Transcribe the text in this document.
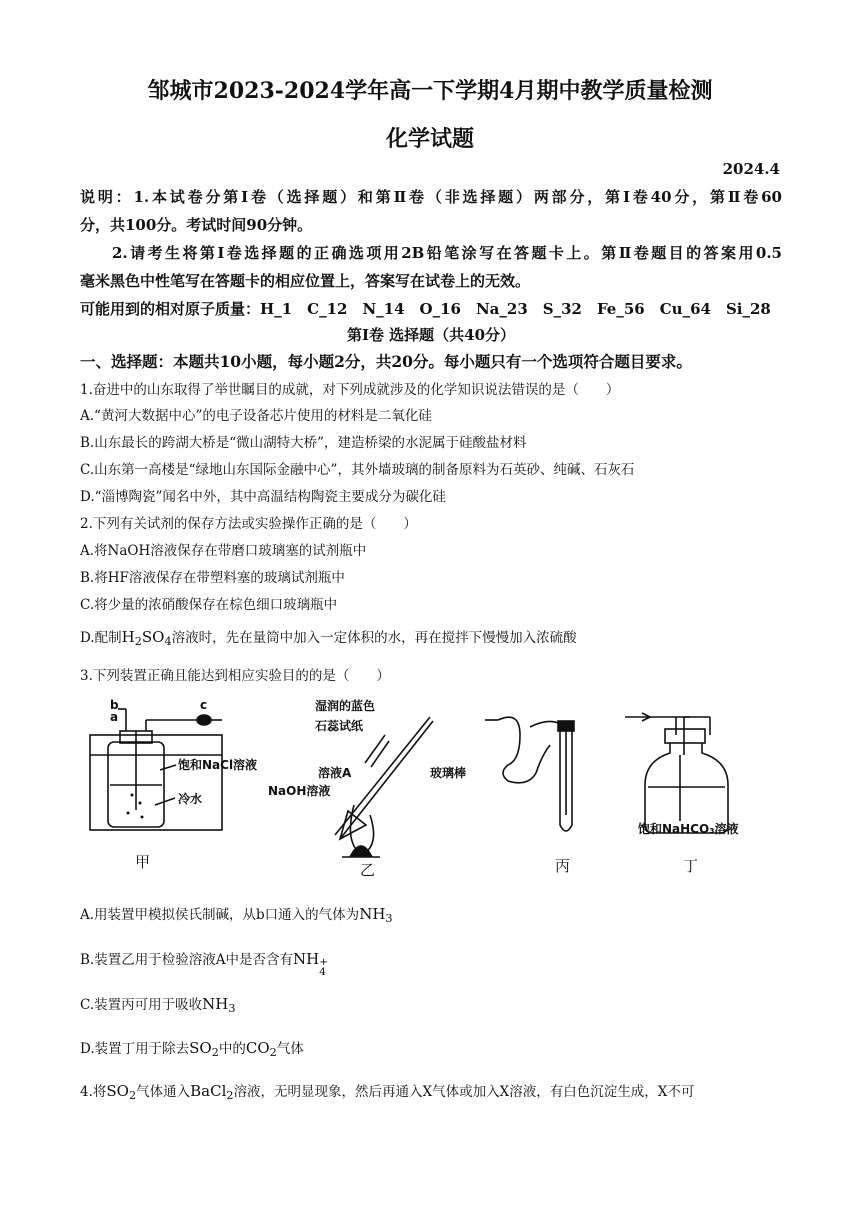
邹城市2023-2024学年高一下学期4月期中教学质量检测
化学试题
2024.4
说明：1.本试卷分第Ⅰ卷（选择题）和第Ⅱ卷（非选择题）两部分，第Ⅰ卷40分，第Ⅱ卷60
分，共100分。考试时间90分钟。
2.请考生将第Ⅰ卷选择题的正确选项用2B铅笔涂写在答题卡上。第Ⅱ卷题目的答案用0.5
毫米黑色中性笔写在答题卡的相应位置上，答案写在试卷上的无效。
可能用到的相对原子质量：H_1　C_12　N_14　O_16　Na_23　S_32　Fe_56　Cu_64　Si_28
第Ⅰ卷 选择题（共40分）
一、选择题：本题共10小题，每小题2分，共20分。每小题只有一个选项符合题目要求。
1.奋进中的山东取得了举世瞩目的成就，对下列成就涉及的化学知识说法错误的是（　　）
A.“黄河大数据中心”的电子设备芯片使用的材料是二氧化硅
B.山东最长的跨湖大桥是“微山湖特大桥”，建造桥梁的水泥属于硅酸盐材料
C.山东第一高楼是“绿地山东国际金融中心”，其外墙玻璃的制备原料为石英砂、纯碱、石灰石
D.“淄博陶瓷”闻名中外，其中高温结构陶瓷主要成分为碳化硅
2.下列有关试剂的保存方法或实验操作正确的是（　　）
A.将NaOH溶液保存在带磨口玻璃塞的试剂瓶中
B.将HF溶液保存在带塑料塞的玻璃试剂瓶中
C.将少量的浓硝酸保存在棕色细口玻璃瓶中
D.配制$H_2SO_4$溶液时，先在量筒中加入一定体积的水，再在搅拌下慢慢加入浓硫酸
3.下列装置正确且能达到相应实验目的的是（　　）
b
a
c
饱和NaCl溶液
冷水
甲
湿润的蓝色
石蕊试纸
溶液A
NaOH溶液
玻璃棒
乙	丙
饱和NaHCO₃溶液
丁
A.用装置甲模拟侯氏制碱，从b口通入的气体为$NH_3$
B.装置乙用于检验溶液A中是否含有NH +
4
C.装置丙可用于吸收$NH_3$
D.装置丁用于除去$SO_2$中的$CO_2$气体
4.将$SO_2$气体通入BaCl$_2$溶液，无明显现象，然后再通入X气体或加入X溶液，有白色沉淀生成，X不可
